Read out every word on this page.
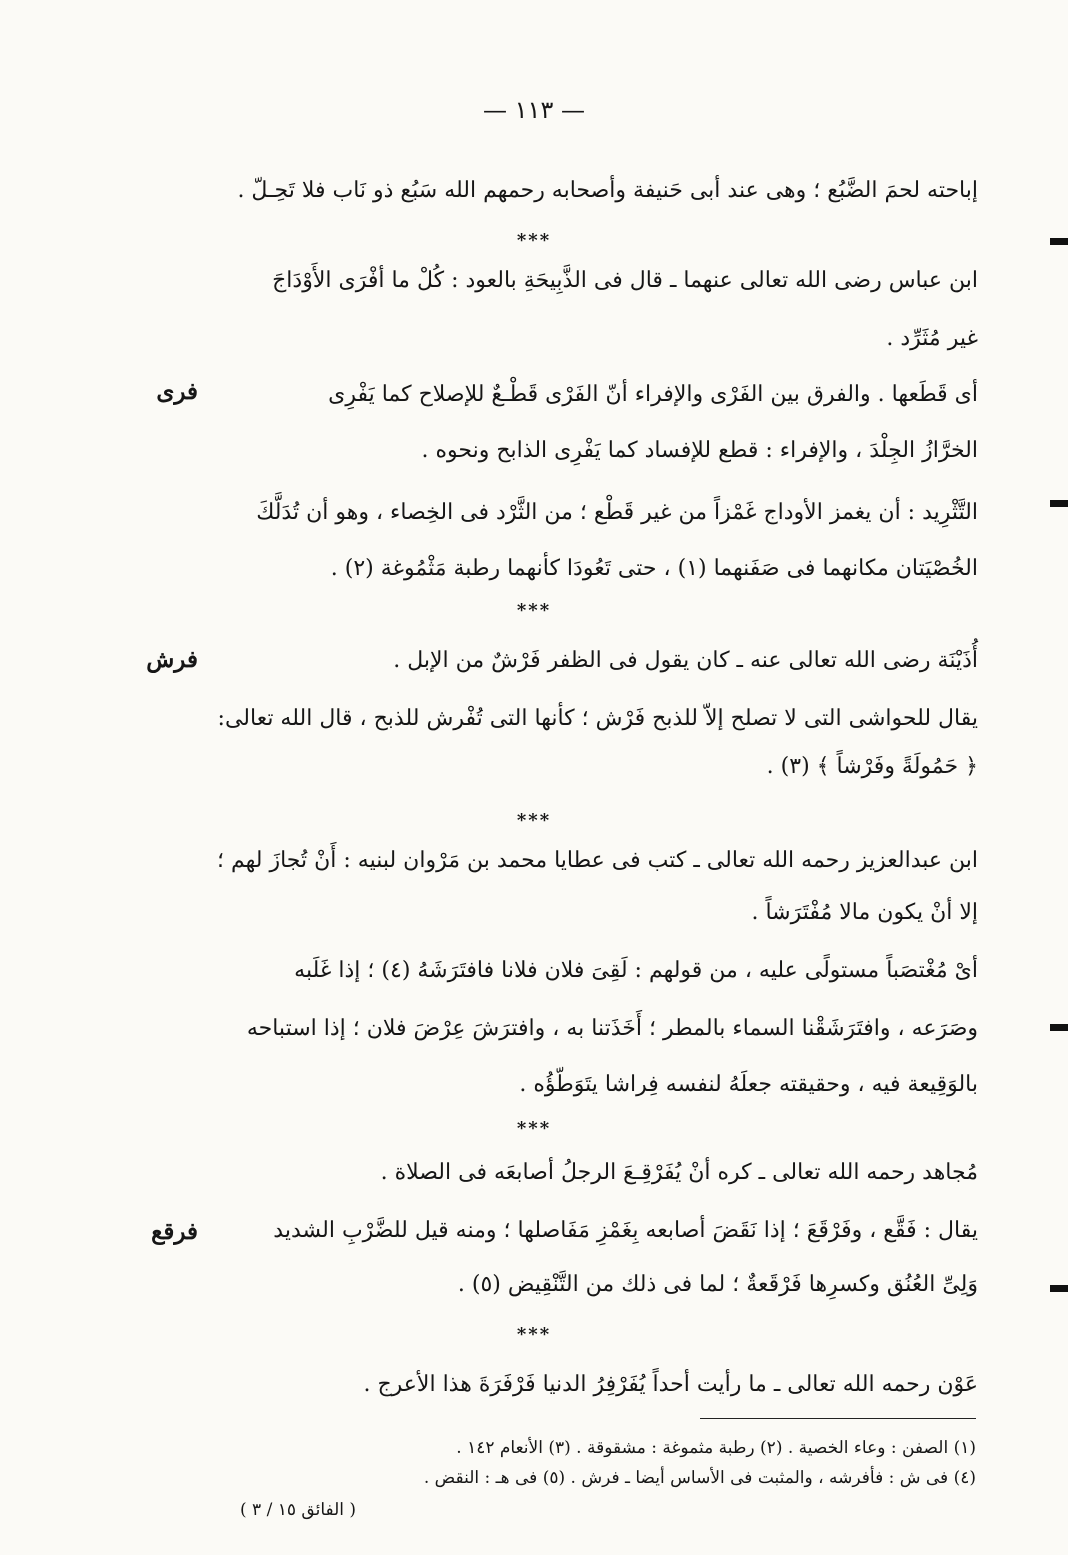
— ١١٣ —
إباحته لحمَ الضَّبُع ؛ وهى عند أبى حَنيفة وأصحابه رحمهم الله سَبُع ذو نَاب فلا تَحِـلّ .
***
ابن عباس رضى الله تعالى عنهما ـ قال فى الذَّبِيحَةِ بالعود : كُلْ ما أفْرَى الأَوْدَاجَ
غير مُثَرِّد .
فرى	أى قَطَعها . والفرق بين الفَرْى والإفراء أنّ الفَرْى قَطْـعٌ للإصلاح كما يَفْرِى
الخرَّازُ الجِلْدَ ، والإفراء : قطع للإفساد كما يَفْرِى الذابح ونحوه .
التَّثْرِيد : أن يغمز الأوداج غَمْزاً من غير قَطْع ؛ من الثَّرْد فى الخِصاء ، وهو أن تُدَلَّكَ
الخُصْيَتان مكانهما فى صَفَنهما (١) ، حتى تَعُودَا كأنهما رطبة مَثْمُوغة (٢) .
***
فرش	أُذَيْنَة رضى الله تعالى عنه ـ كان يقول فى الظفر فَرْشٌ من الإبل .
يقال للحواشى التى لا تصلح إلاّ للذبح فَرْش ؛ كأنها التى تُفْرش للذبح ، قال الله تعالى:
﴿ حَمُولَةً وفَرْشاً ﴾ (٣) .
***
ابن عبدالعزيز رحمه الله تعالى ـ كتب فى عطايا محمد بن مَرْوان لبنيه : أَنْ تُجازَ لهم ؛
إلا أنْ يكون مالا مُفْتَرَشاً .
أىْ مُغْتصَباً مستولًى عليه ، من قولهم : لَقِىَ فلان فلانا فافتَرَشَهُ (٤) ؛ إذا غَلَبه
وصَرَعه ، وافتَرَشَقْنا السماء بالمطر ؛ أَخَذَتنا به ، وافترَشَ عِرْضَ فلان ؛ إذا استباحه
بالوَقِيعة فيه ، وحقيقته جعلَهُ لنفسه فِراشا يتَوَطّؤُه .
***
مُجاهد رحمه الله تعالى ـ كره أنْ يُفَرْقِـعَ الرجلُ أصابعَه فى الصلاة .
فرقع	يقال : فَقَّع ، وفَرْقَعَ ؛ إذا نَقَضَ أصابعه بِغَمْزِ مَفَاصلها ؛ ومنه قيل للضَّرْبِ الشديد
وَلِىِّ العُنُق وكسرِها فَرْقَعةٌ ؛ لما فى ذلك من التَّنْقِيض (٥) .
***
عَوْن رحمه الله تعالى ـ ما رأيت أحداً يُفَرْفِرُ الدنيا فَرْفَرَةَ هذا الأعرج .
(١) الصفن : وعاء الخصية . (٢) رطبة مثموغة : مشقوقة . (٣) الأنعام ١٤٢ .
(٤) فى ش : فأفرشه ، والمثبت فى الأساس أيضا ـ فرش . (٥) فى هـ : النقض .
( الفائق ١٥ / ٣ )
